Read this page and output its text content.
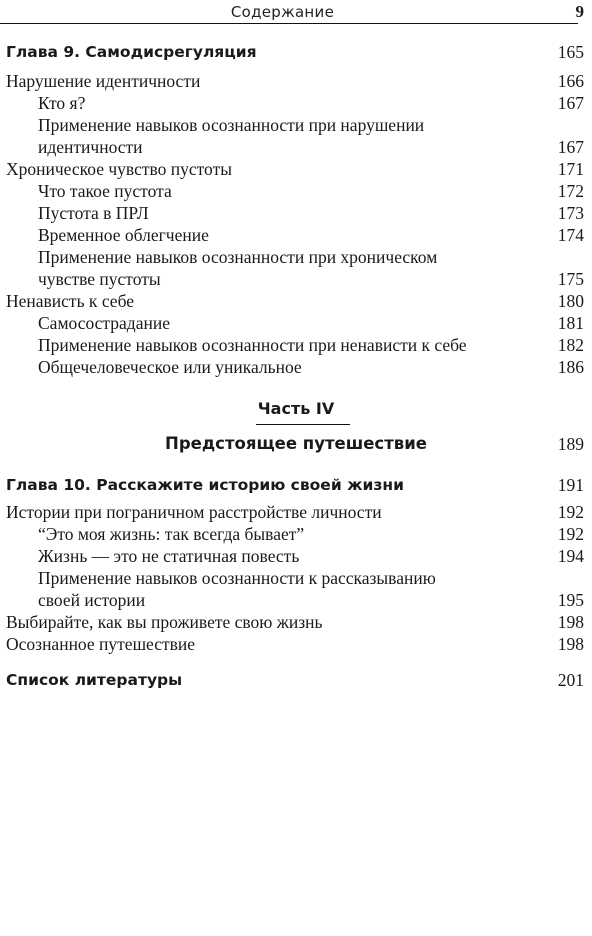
Содержание	9
Глава 9. Самодисрегуляция	165
Нарушение идентичности	166
Кто я?	167
Применение навыков осознанности при нарушении
идентичности	167
Хроническое чувство пустоты	171
Что такое пустота	172
Пустота в ПРЛ	173
Временное облегчение	174
Применение навыков осознанности при хроническом
чувстве пустоты	175
Ненависть к себе	180
Самосострадание	181
Применение навыков осознанности при ненависти к себе	182
Общечеловеческое или уникальное	186
Часть IV
Предстоящее путешествие	189
Глава 10. Расскажите историю своей жизни	191
Истории при пограничном расстройстве личности	192
“Это моя жизнь: так всегда бывает”	192
Жизнь — это не статичная повесть	194
Применение навыков осознанности к рассказыванию
своей истории	195
Выбирайте, как вы проживете свою жизнь	198
Осознанное путешествие	198
Список литературы	201
